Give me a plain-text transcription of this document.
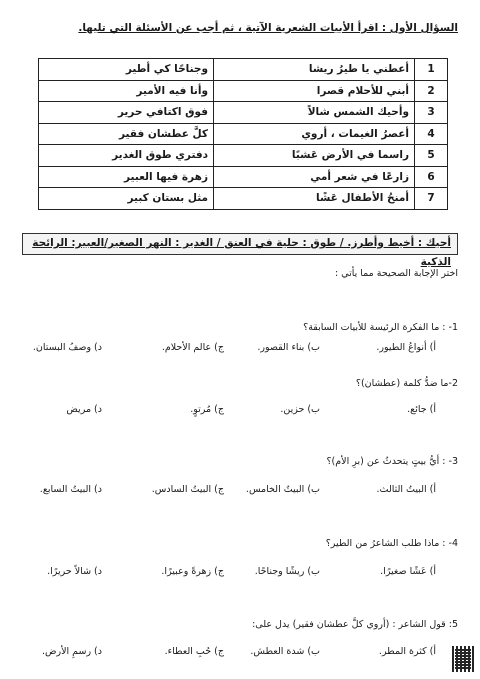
السؤال الأول : اقرأ الأبيات الشعرية الآتية ، ثم أجب عن الأسئلة التي تليها.
1	أعطني يا طيرُ ريشا	وجناحًا كي أطير
2	أبني للأحلام قصرا	وأنا فيه الأمير
3	وأحيك الشمس شالاً	فوق اكتافي حرير
4	أعصرُ الغيمات ، أروي	كلَّ عطشان فقير
5	راسما في الأرض عَشبًا	دفتري طوق الغدير
6	زارعًا في شعر أمي	زهرة فيها العبير
7	أمنحُ الأطفال عَشًا	مثل بستان كبير
أحيك : أخيط وأطرز. / طوق : حلية في العنق / الغدير : النهر الصغير/العبير: الرائحة الذكية
اختر الإجابة الصحيحة مما يأتي :
1- : ما الفكرة الرئيسة للأبيات السابقة؟
أ) أنواعُ الطيور.
ب) بناء القصور.
ج) عالم الأحلام.
د) وصفُ البستان.
2-ما ضدُّ كلمة (عطشان)؟
أ) جائع.
ب) حزين.
ج) مُرتوٍ.
د) مريض
3- : أيُّ بيتٍ يتحدثُ عن (برِ الأم)؟
أ) البيتُ الثالث.
ب) البيتُ الخامس.
ج) البيتُ السادس.
د) البيتُ السابع.
4- : ماذا طلب الشاعرُ من الطير؟
أ) عَشًا صغيرًا.
ب) ريشًا وجناحًا.
ج) زهرةً وعبيرًا.
د) شالاً حريرًا.
5: قول الشاعر : (أروي كلَّ عطشان فقير) يدل على:
أ) كثرة المطر.
ب) شدة العطش.
ج) حُبِ العطاء.
د) رسمِ الأرض.
